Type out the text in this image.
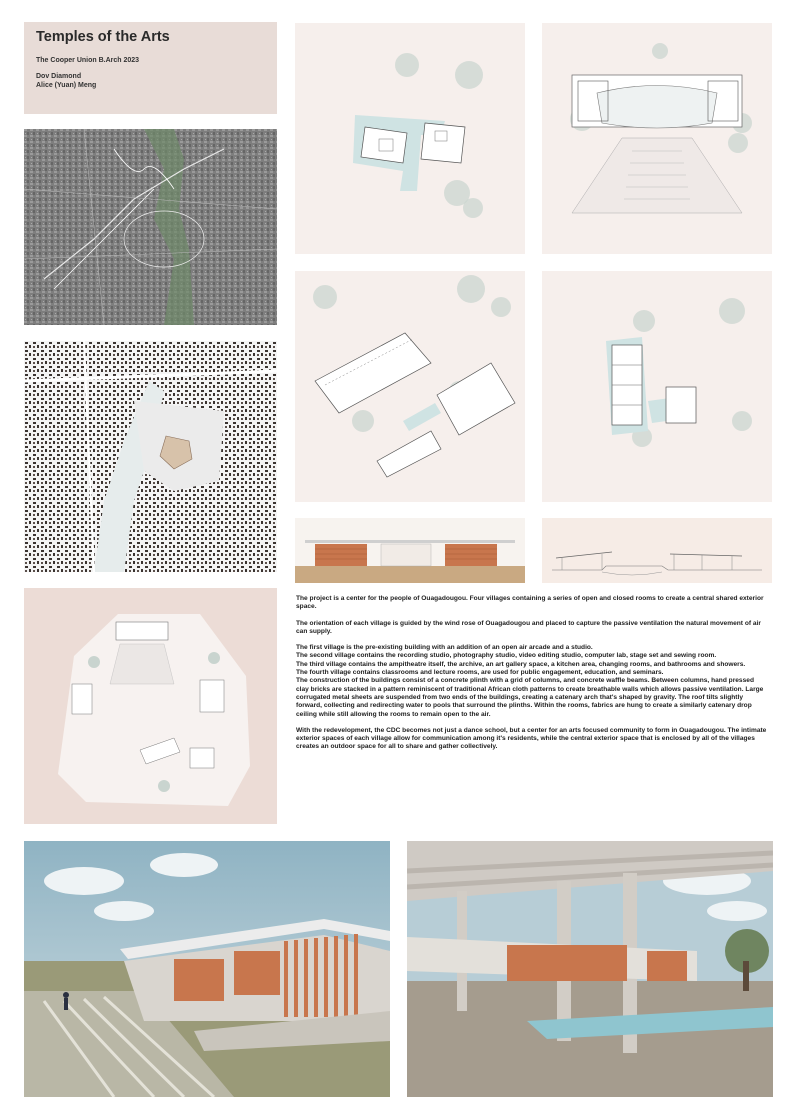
Temples of the Arts
The Cooper Union B.Arch 2023
Dov Diamond
Alice (Yuan) Meng

The project is a center for the people of Ouagadougou. Four villages containing a series of open and closed rooms to create a central shared exterior space.

The orientation of each village is guided by the wind rose of Ouagadougou and placed to capture the passive ventilation the natural movement of air can supply.

The first village is the pre-existing building with an addition of an open air arcade and a studio.

The second village contains the recording studio, photography studio, video editing studio, computer lab, stage set and sewing room.

The third village contains the ampitheatre itself, the archive, an art gallery space, a kitchen area, changing rooms, and bathrooms and showers.

The fourth village contains classrooms and lecture rooms, are used for public engagement, education, and seminars.

The construction of the buildings consist of a concrete plinth with a grid of columns, and concrete waffle beams. Between columns, hand pressed clay bricks are stacked in a pattern reminiscent of traditional African cloth patterns to create breathable walls which allows passive ventilation. Large corrugated metal sheets are suspended from two ends of the buildings, creating a catenary arch that's shaped by gravity. The roof tilts slightly forward, collecting and redirecting water to pools that surround the plinths. Within the rooms, fabrics are hung to create a similarly catenary drop ceiling while still allowing the rooms to remain open to the air.

With the redevelopment, the CDC becomes not just a dance school, but a center for an arts focused community to form in Ouagadougou. The intimate exterior spaces of each village allow for communication among it's residents, while the central exterior space that is enclosed by all of the villages creates an outdoor space for all to share and gather collectively.
